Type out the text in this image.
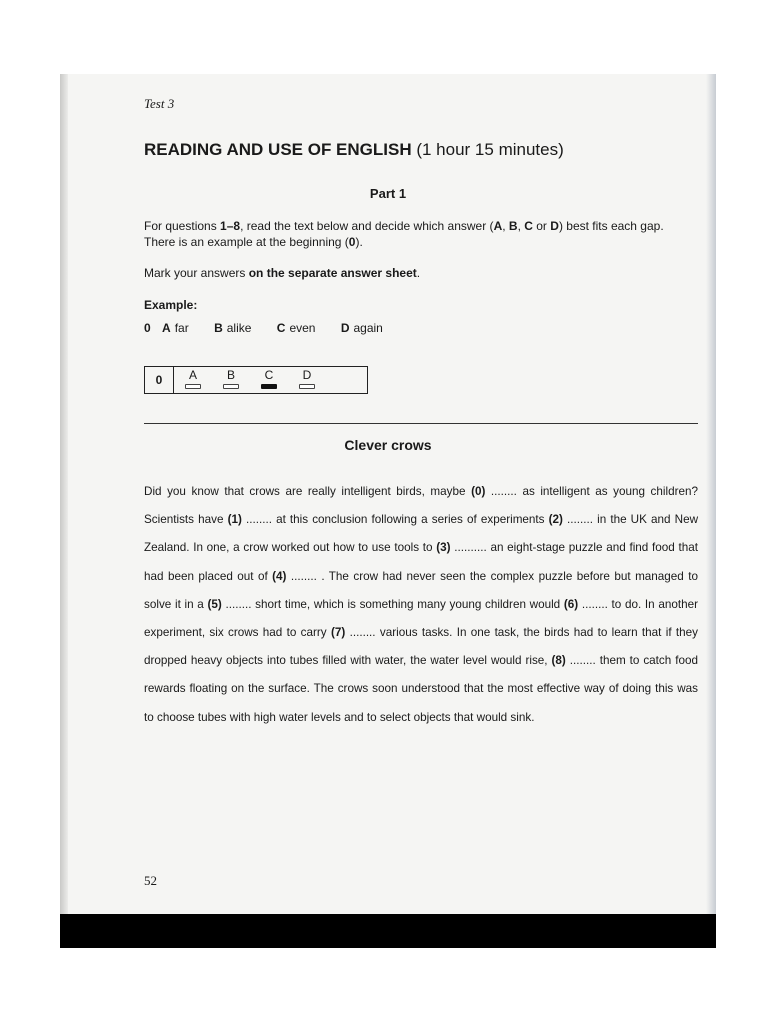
Test 3
READING AND USE OF ENGLISH (1 hour 15 minutes)
Part 1
For questions 1–8, read the text below and decide which answer (A, B, C or D) best fits each gap.
There is an example at the beginning (0).
Mark your answers on the separate answer sheet.
Example:
0 A far B alike C even D again
0	A	B	C	D
Clever crows

Did you know that crows are really intelligent birds, maybe (0) ........ as intelligent as young children? Scientists have (1) ........ at this conclusion following a series of experiments (2) ........ in the UK and New Zealand. In one, a crow worked out how to use tools to (3) .......... an eight-stage puzzle and find food that had been placed out of (4) ........ . The crow had never seen the complex puzzle before but managed to solve it in a (5) ........ short time, which is something many young children would (6) ........ to do. In another experiment, six crows had to carry (7) ........ various tasks. In one task, the birds had to learn that if they dropped heavy objects into tubes filled with water, the water level would rise, (8) ........ them to catch food rewards floating on the surface. The crows soon understood that the most effective way of doing this was to choose tubes with high water levels and to select objects that would sink.

52
